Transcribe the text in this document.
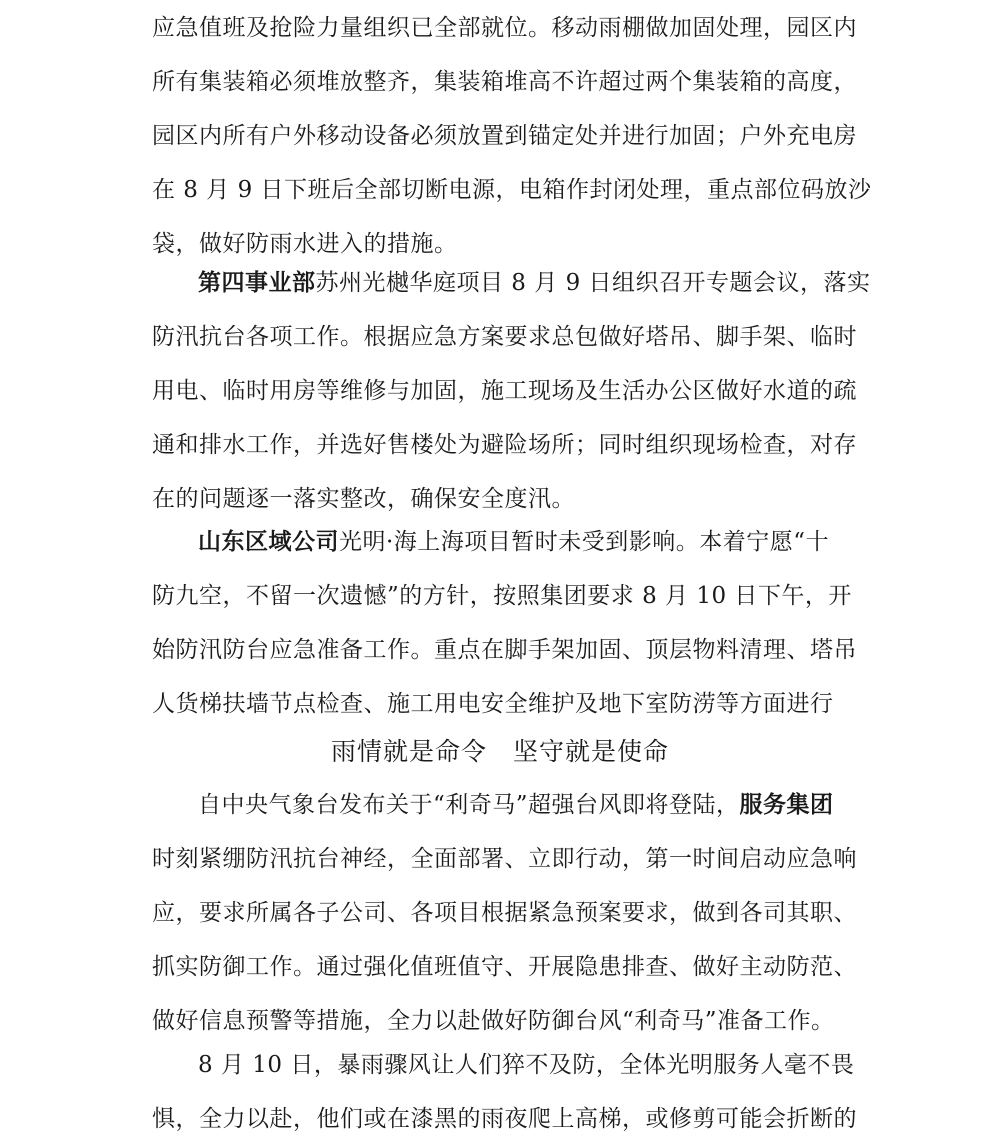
应急值班及抢险力量组织已全部就位。移动雨棚做加固处理，园区内
所有集装箱必须堆放整齐，集装箱堆高不许超过两个集装箱的高度，
园区内所有户外移动设备必须放置到锚定处并进行加固；户外充电房
在 8 月 9 日下班后全部切断电源，电箱作封闭处理，重点部位码放沙
袋，做好防雨水进入的措施。
第四事业部苏州光樾华庭项目 8 月 9 日组织召开专题会议，落实
防汛抗台各项工作。根据应急方案要求总包做好塔吊、脚手架、临时
用电、临时用房等维修与加固，施工现场及生活办公区做好水道的疏
通和排水工作，并选好售楼处为避险场所；同时组织现场检查，对存
在的问题逐一落实整改，确保安全度汛。
山东区域公司光明·海上海项目暂时未受到影响。本着宁愿“十
防九空，不留一次遗憾”的方针，按照集团要求 8 月 10 日下午，开
始防汛防台应急准备工作。重点在脚手架加固、顶层物料清理、塔吊
人货梯扶墙节点检查、施工用电安全维护及地下室防涝等方面进行
雨情就是命令　坚守就是使命
自中央气象台发布关于“利奇马”超强台风即将登陆，服务集团
时刻紧绷防汛抗台神经，全面部署、立即行动，第一时间启动应急响
应，要求所属各子公司、各项目根据紧急预案要求，做到各司其职、
抓实防御工作。通过强化值班值守、开展隐患排查、做好主动防范、
做好信息预警等措施，全力以赴做好防御台风“利奇马”准备工作。
8 月 10 日，暴雨骤风让人们猝不及防，全体光明服务人毫不畏
惧，全力以赴，他们或在漆黑的雨夜爬上高梯，或修剪可能会折断的
